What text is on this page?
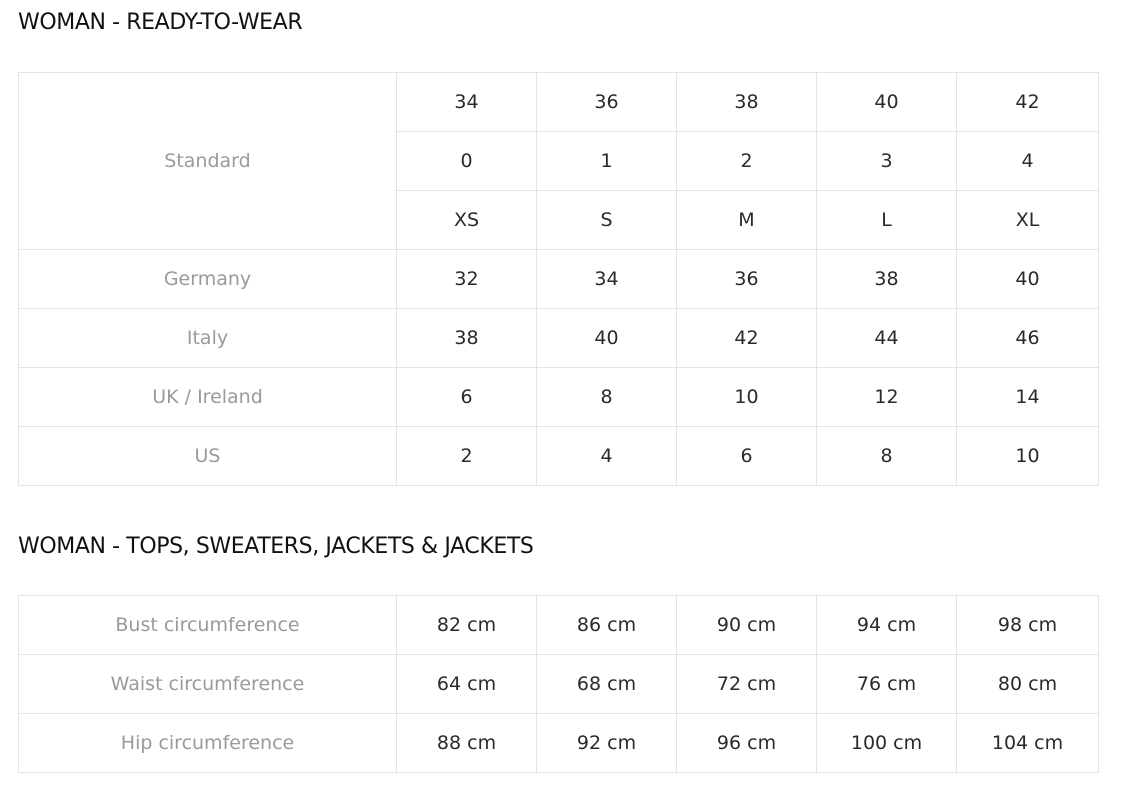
WOMAN - READY-TO-WEAR
Standard	34	36	38	40	42
	0	1	2	3	4
	XS	S	M	L	XL
Germany	32	34	36	38	40
Italy	38	40	42	44	46
UK / Ireland	6	8	10	12	14
US	2	4	6	8	10
WOMAN - TOPS, SWEATERS, JACKETS & JACKETS
Bust circumference	82 cm	86 cm	90 cm	94 cm	98 cm
Waist circumference	64 cm	68 cm	72 cm	76 cm	80 cm
Hip circumference	88 cm	92 cm	96 cm	100 cm	104 cm
